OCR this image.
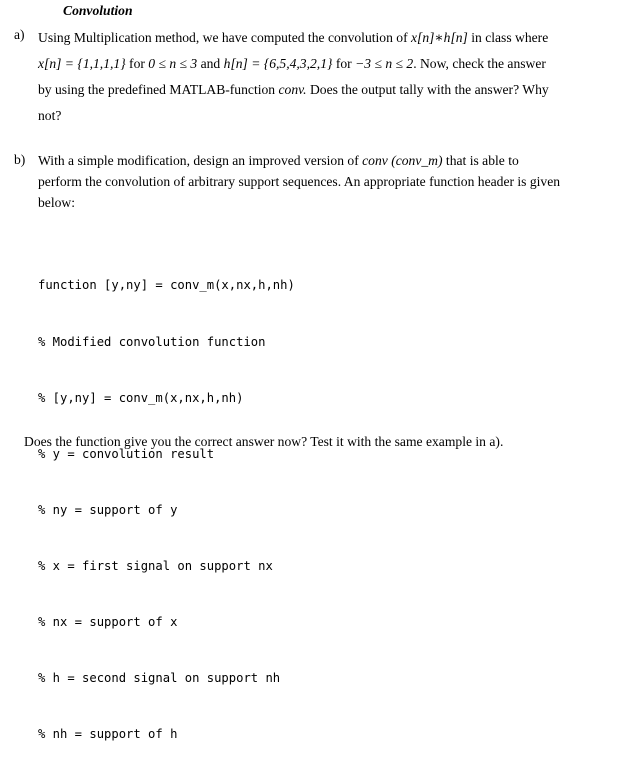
Convolution
a) Using Multiplication method, we have computed the convolution of x[n]∗h[n] in class where
x[n] = {1,1,1,1} for 0 ≤ n ≤ 3 and h[n] = {6,5,4,3,2,1} for −3 ≤ n ≤ 2. Now, check the answer
by using the predefined MATLAB-function conv. Does the output tally with the answer? Why
not?
b) With a simple modification, design an improved version of conv (conv_m) that is able to
perform the convolution of arbitrary support sequences. An appropriate function header is given
below:

function [y,ny] = conv_m(x,nx,h,nh)

% Modified convolution function

% [y,ny] = conv_m(x,nx,h,nh)

% y = convolution result

% ny = support of y

% x = first signal on support nx

% nx = support of x

% h = second signal on support nh

% nh = support of h

Does the function give you the correct answer now? Test it with the same example in a).
